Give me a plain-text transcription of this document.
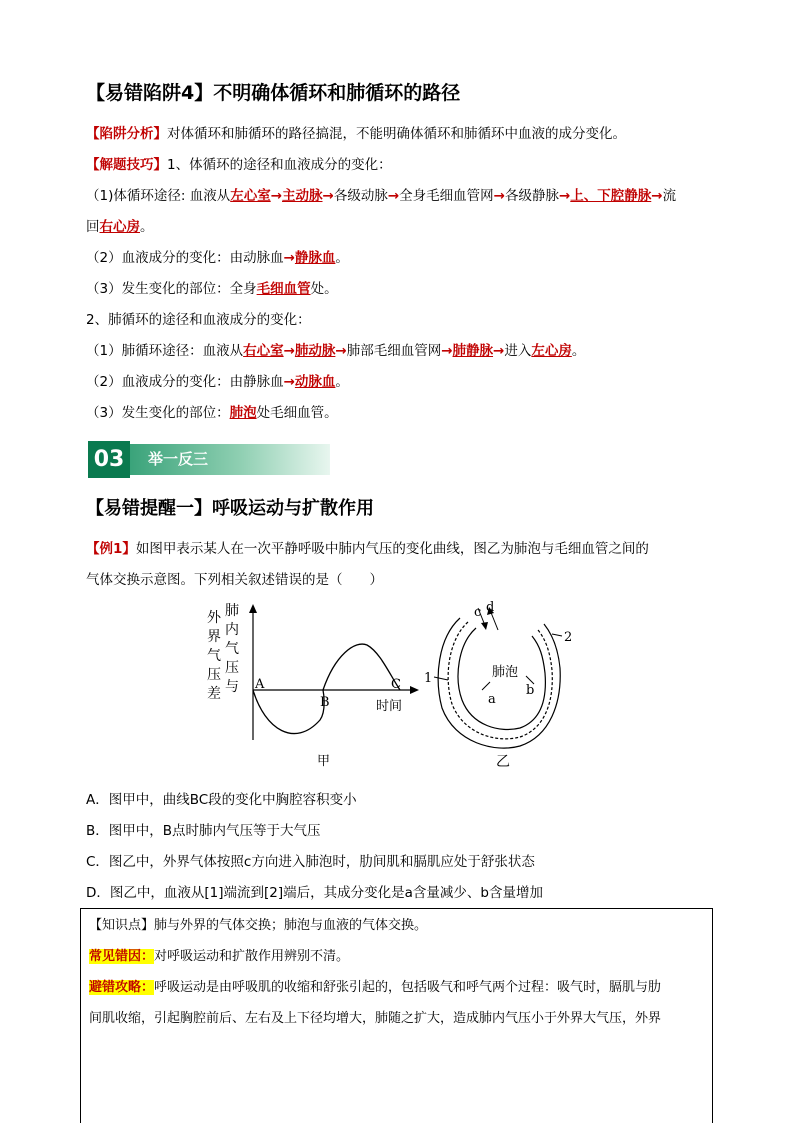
【易错陷阱4】不明确体循环和肺循环的路径
【陷阱分析】对体循环和肺循环的路径搞混，不能明确体循环和肺循环中血液的成分变化。
【解题技巧】1、体循环的途径和血液成分的变化：
（1)体循环途径: 血液从左心室→主动脉→各级动脉→全身毛细血管网→各级静脉→上、下腔静脉→流
回右心房。
（2）血液成分的变化：由动脉血→静脉血。
（3）发生变化的部位：全身毛细血管处。
2、肺循环的途径和血液成分的变化：
（1）肺循环途径：血液从右心室→肺动脉→肺部毛细血管网→肺静脉→进入左心房。
（2）血液成分的变化：由静脉血→动脉血。
（3）发生变化的部位：肺泡处毛细血管。
03	举一反三
【易错提醒一】呼吸运动与扩散作用
【例1】如图甲表示某人在一次平静呼吸中肺内气压的变化曲线，图乙为肺泡与毛细血管之间的
气体交换示意图。下列相关叙述错误的是（　　）
外
界
气
压
差
肺
内
气
压
与 A
B
C
时间
甲
c d
1
2
肺泡
a
b
乙
A．图甲中，曲线BC段的变化中胸腔容积变小
B．图甲中，B点时肺内气压等于大气压
C．图乙中，外界气体按照c方向进入肺泡时，肋间肌和膈肌应处于舒张状态
D．图乙中，血液从[1]端流到[2]端后，其成分变化是a含量减少、b含量增加
【知识点】肺与外界的气体交换；肺泡与血液的气体交换。
常见错因：对呼吸运动和扩散作用辨别不清。
避错攻略：呼吸运动是由呼吸肌的收缩和舒张引起的，包括吸气和呼气两个过程：吸气时，膈肌与肋
间肌收缩，引起胸腔前后、左右及上下径均增大，肺随之扩大，造成肺内气压小于外界大气压，外界
